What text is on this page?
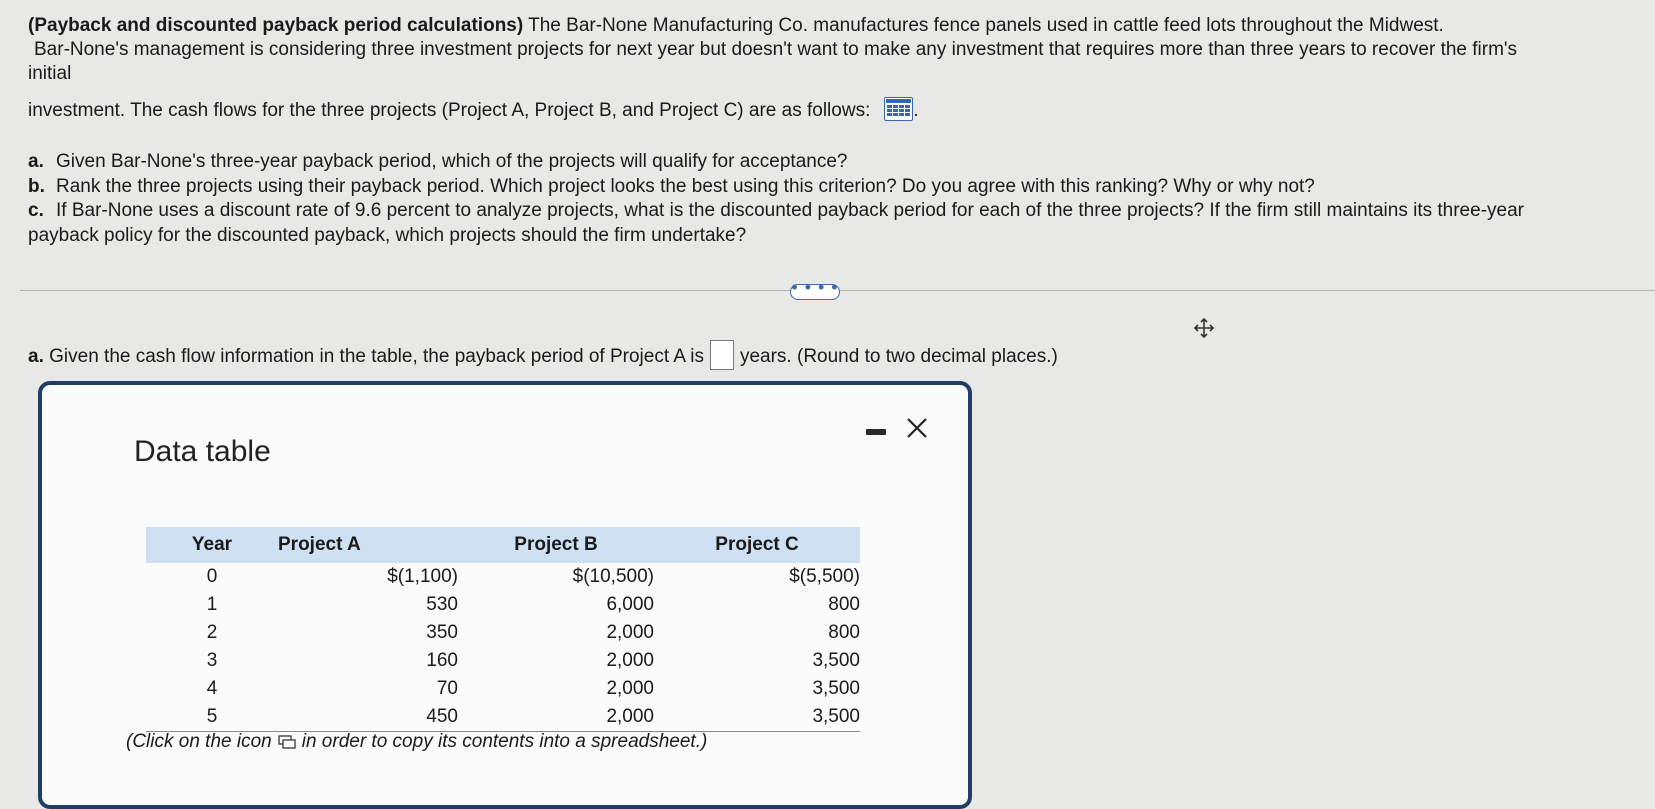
(Payback and discounted payback period calculations) The Bar-None Manufacturing Co. manufactures fence panels used in cattle feed lots throughout the Midwest.
Bar-None's management is considering three investment projects for next year but doesn't want to make any investment that requires more than three years to recover the firm's
initial
investment. The cash flows for the three projects (Project A, Project B, and Project C) are as follows: .
a. Given Bar-None's three-year payback period, which of the projects will qualify for acceptance?
b. Rank the three projects using their payback period. Which project looks the best using this criterion? Do you agree with this ranking? Why or why not?
c. If Bar-None uses a discount rate of 9.6 percent to analyze projects, what is the discounted payback period for each of the three projects? If the firm still maintains its three-year
payback policy for the discounted payback, which projects should the firm undertake?
• • • •
a. Given the cash flow information in the table, the payback period of Project A is years. (Round to two decimal places.)
Data table
Year	Project A	Project B	Project C
0	$(1,100)	$(10,500)	$(5,500)
1	530	6,000	800
2	350	2,000	800
3	160	2,000	3,500
4	70	2,000	3,500
5	450	2,000	3,500
(Click on the icon in order to copy its contents into a spreadsheet.)
